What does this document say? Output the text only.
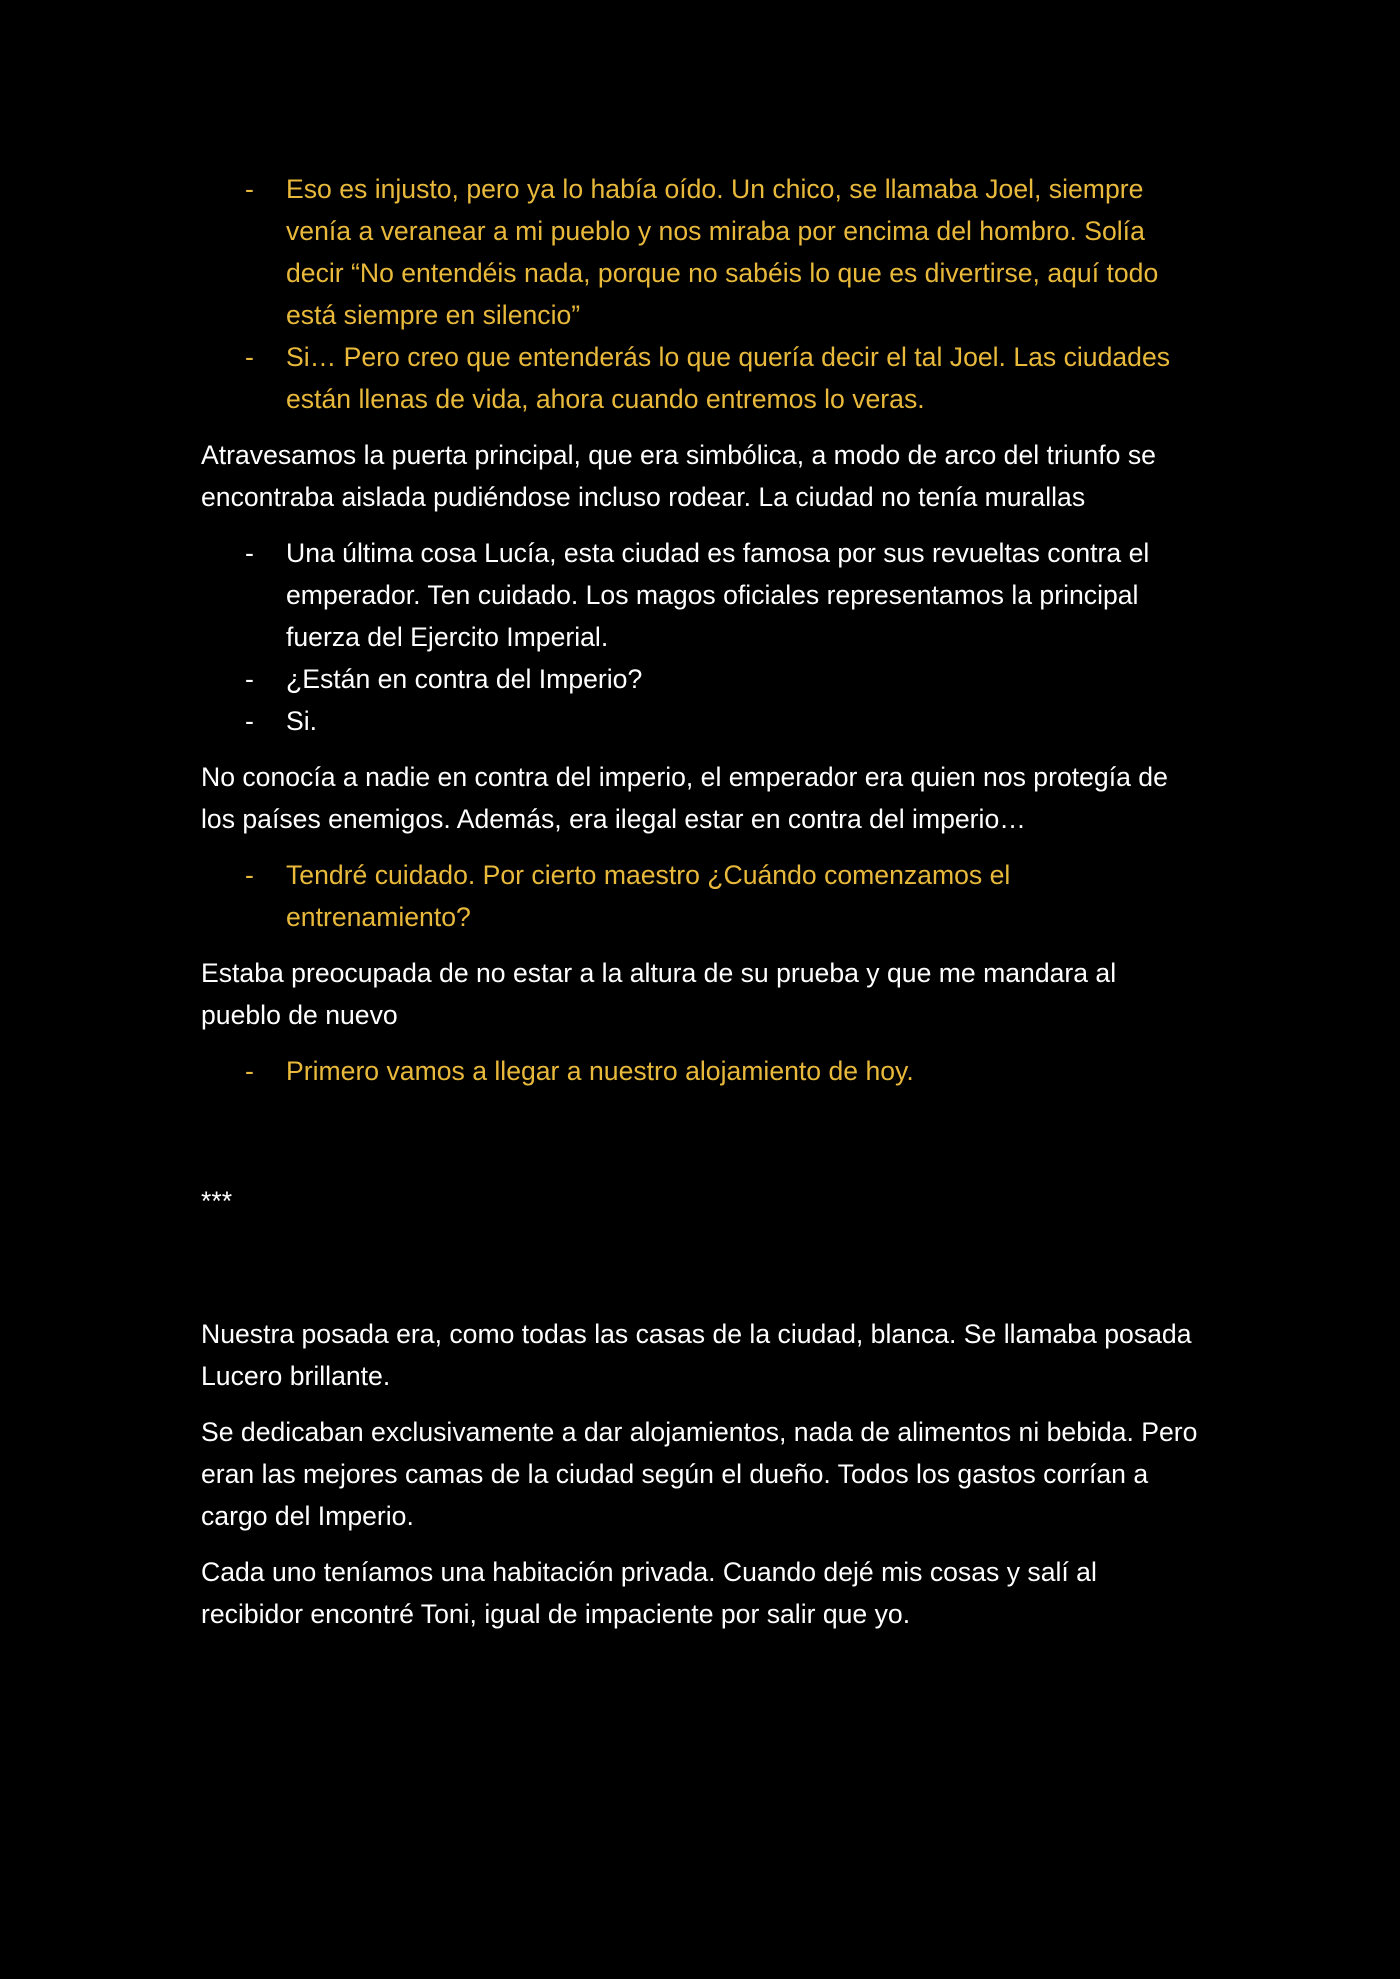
- Eso es injusto, pero ya lo había oído. Un chico, se llamaba Joel, siempre venía a veranear a mi pueblo y nos miraba por encima del hombro. Solía decir “No entendéis nada, porque no sabéis lo que es divertirse, aquí todo está siempre en silencio”
- Si… Pero creo que entenderás lo que quería decir el tal Joel. Las ciudades están llenas de vida, ahora cuando entremos lo veras.

Atravesamos la puerta principal, que era simbólica, a modo de arco del triunfo se encontraba aislada pudiéndose incluso rodear. La ciudad no tenía murallas

- Una última cosa Lucía, esta ciudad es famosa por sus revueltas contra el emperador. Ten cuidado. Los magos oficiales representamos la principal fuerza del Ejercito Imperial.
- ¿Están en contra del Imperio?
- Si.

No conocía a nadie en contra del imperio, el emperador era quien nos protegía de los países enemigos. Además, era ilegal estar en contra del imperio…

- Tendré cuidado. Por cierto maestro ¿Cuándo comenzamos el entrenamiento?

Estaba preocupada de no estar a la altura de su prueba y que me mandara al pueblo de nuevo

- Primero vamos a llegar a nuestro alojamiento de hoy.

***

Nuestra posada era, como todas las casas de la ciudad, blanca. Se llamaba posada Lucero brillante.

Se dedicaban exclusivamente a dar alojamientos, nada de alimentos ni bebida. Pero eran las mejores camas de la ciudad según el dueño. Todos los gastos corrían a cargo del Imperio.

Cada uno teníamos una habitación privada. Cuando dejé mis cosas y salí al recibidor encontré Toni, igual de impaciente por salir que yo.
